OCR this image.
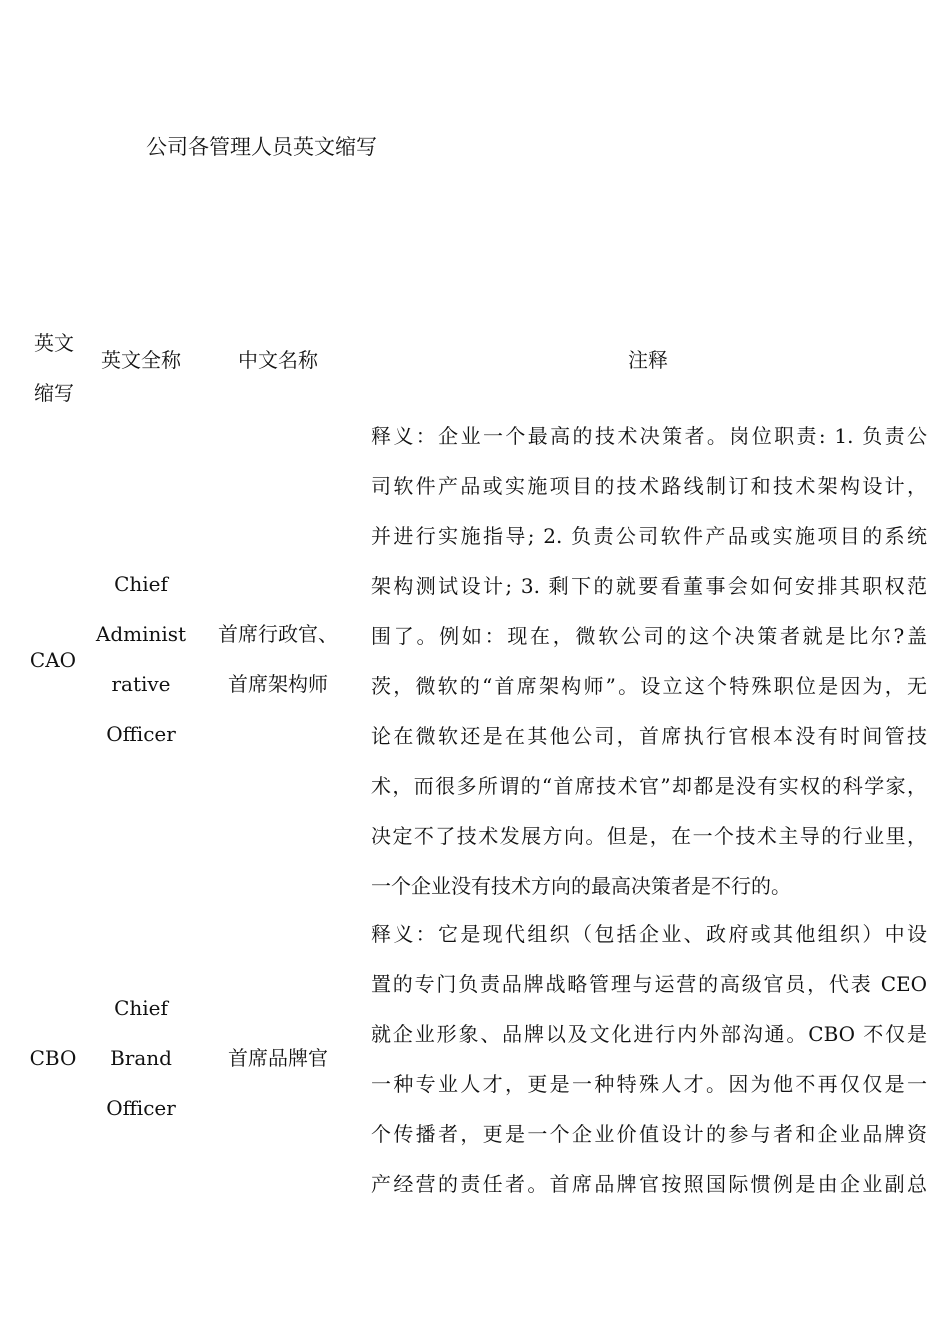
公司各管理人员英文缩写
英文
缩写
英文全称	中文名称	注释
CAO
Chief
Administ
rative
Officer
首席行政官、
首席架构师
释义：企业一个最高的技术决策者。岗位职责: 1. 负责公
司软件产品或实施项目的技术路线制订和技术架构设计，
并进行实施指导; 2. 负责公司软件产品或实施项目的系统
架构测试设计; 3. 剩下的就要看董事会如何安排其职权范
围了。例如：现在，微软公司的这个决策者就是比尔?盖
茨，微软的“首席架构师”。设立这个特殊职位是因为，无
论在微软还是在其他公司，首席执行官根本没有时间管技
术，而很多所谓的“首席技术官”却都是没有实权的科学家，
决定不了技术发展方向。但是，在一个技术主导的行业里，
一个企业没有技术方向的最高决策者是不行的。
CBO
Chief
Brand
Officer
首席品牌官
释义：它是现代组织（包括企业、政府或其他组织）中设
置的专门负责品牌战略管理与运营的高级官员，代表 CEO
就企业形象、品牌以及文化进行内外部沟通。CBO 不仅是
一种专业人才，更是一种特殊人才。因为他不再仅仅是一
个传播者，更是一个企业价值设计的参与者和企业品牌资
产经营的责任者。首席品牌官按照国际惯例是由企业副总
